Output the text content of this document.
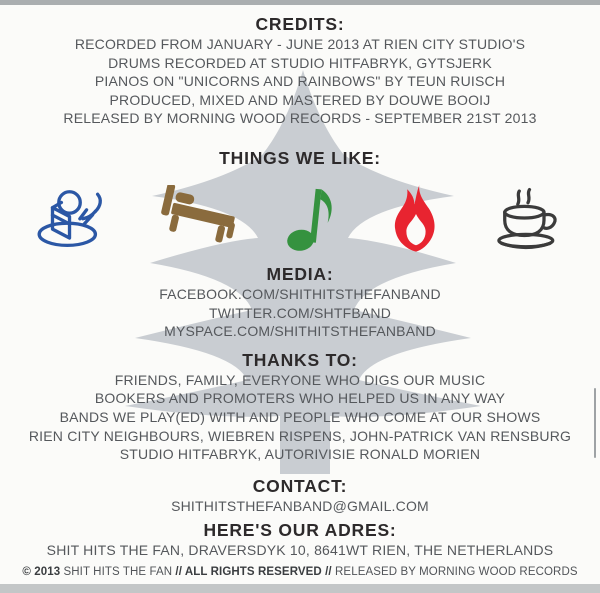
CREDITS:
RECORDED FROM JANUARY - JUNE 2013 AT RIEN CITY STUDIO'S
DRUMS RECORDED AT STUDIO HITFABRYK, GYTSJERK
PIANOS ON "UNICORNS AND RAINBOWS" BY TEUN RUISCH
PRODUCED, MIXED AND MASTERED BY DOUWE BOOIJ
RELEASED BY MORNING WOOD RECORDS - SEPTEMBER 21ST 2013
THINGS WE LIKE:
MEDIA:
FACEBOOK.COM/SHITHITSTHEFANBAND
TWITTER.COM/SHTFBAND
MYSPACE.COM/SHITHITSTHEFANBAND
THANKS TO:
FRIENDS, FAMILY, EVERYONE WHO DIGS OUR MUSIC
BOOKERS AND PROMOTERS WHO HELPED US IN ANY WAY
BANDS WE PLAY(ED) WITH AND PEOPLE WHO COME AT OUR SHOWS
RIEN CITY NEIGHBOURS, WIEBREN RISPENS, JOHN-PATRICK VAN RENSBURG
STUDIO HITFABRYK, AUTORIVISIE RONALD MORIEN
CONTACT:
SHITHITSTHEFANBAND@GMAIL.COM
HERE'S OUR ADRES:
SHIT HITS THE FAN, DRAVERSDYK 10, 8641WT RIEN, THE NETHERLANDS
© 2013 SHIT HITS THE FAN // ALL RIGHTS RESERVED // RELEASED BY MORNING WOOD RECORDS
